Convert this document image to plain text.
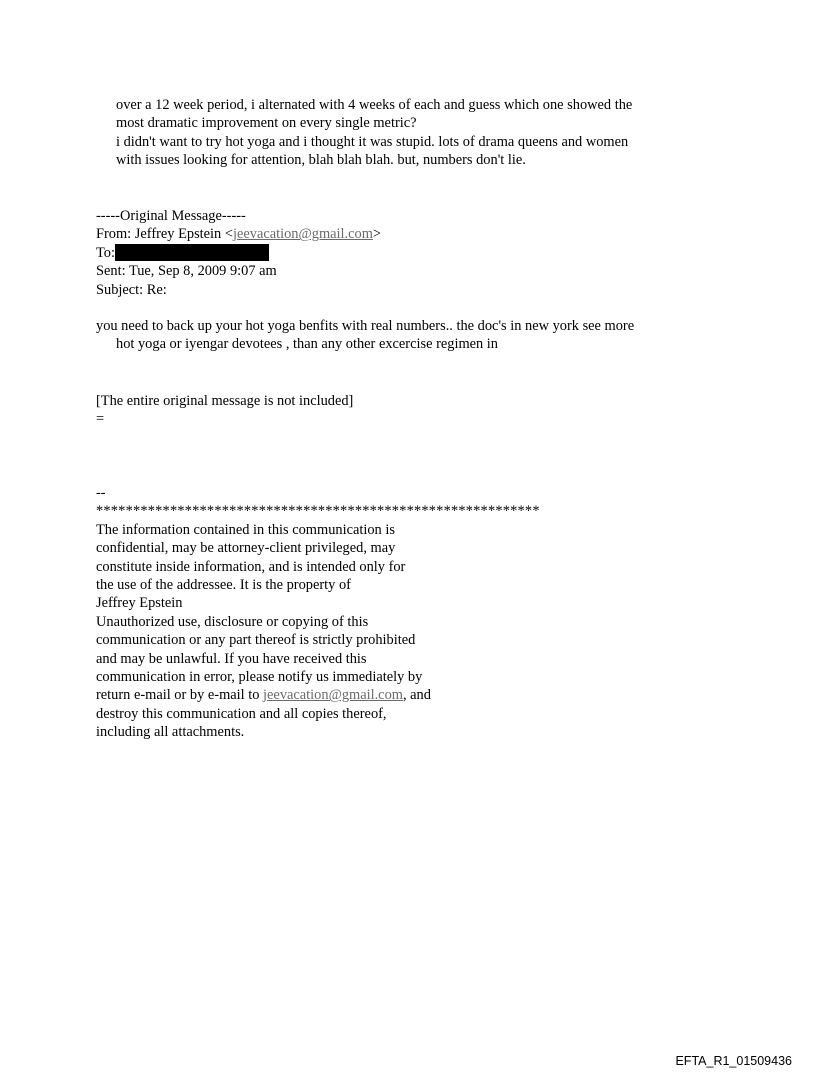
over a 12 week period, i alternated with 4 weeks of each and guess which one showed the
most dramatic improvement on every single metric?
i didn't want to try hot yoga and i thought it was stupid. lots of drama queens and women
with issues looking for attention, blah blah blah. but, numbers don't lie.
-----Original Message-----
From: Jeffrey Epstein <jeevacation@gmail.com>
To:
Sent: Tue, Sep 8, 2009 9:07 am
Subject: Re:
you need to back up your hot yoga benfits with real numbers.. the doc's in new york see more
hot yoga or iyengar devotees , than any other excercise regimen in
[The entire original message is not included]
=
--
************************************************************
The information contained in this communication is
confidential, may be attorney-client privileged, may
constitute inside information, and is intended only for
the use of the addressee. It is the property of
Jeffrey Epstein
Unauthorized use, disclosure or copying of this
communication or any part thereof is strictly prohibited
and may be unlawful. If you have received this
communication in error, please notify us immediately by
return e-mail or by e-mail to jeevacation@gmail.com, and
destroy this communication and all copies thereof,
including all attachments.
EFTA_R1_01509436
